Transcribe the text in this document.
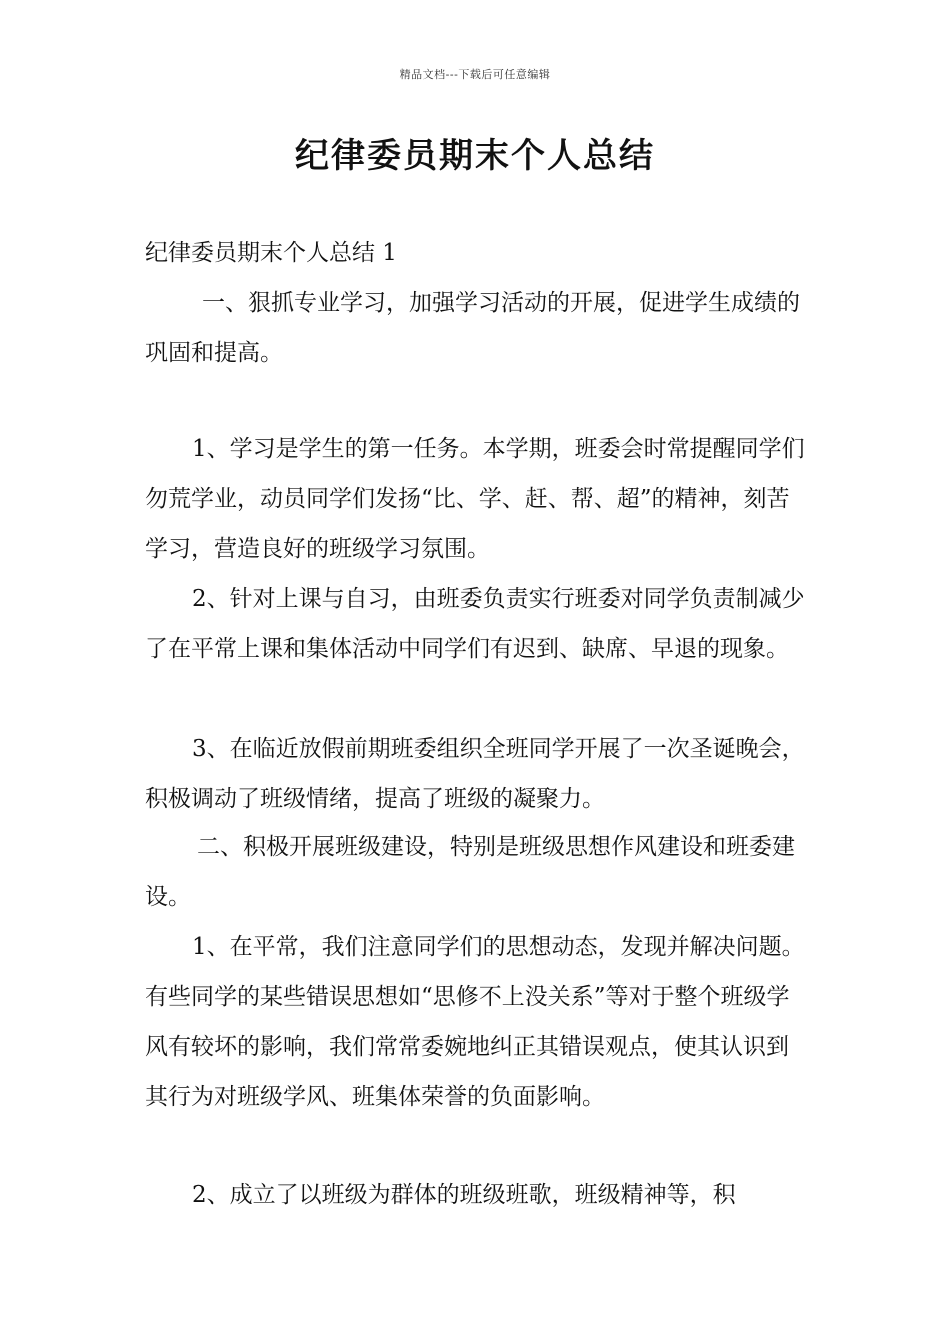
精品文档---下载后可任意编辑
纪律委员期末个人总结

纪律委员期末个人总结 1

一、狠抓专业学习，加强学习活动的开展，促进学生成绩的巩固和提高。

1、学习是学生的第一任务。本学期，班委会时常提醒同学们勿荒学业，动员同学们发扬“比、学、赶、帮、超”的精神，刻苦学习，营造良好的班级学习氛围。

2、针对上课与自习，由班委负责实行班委对同学负责制减少了在平常上课和集体活动中同学们有迟到、缺席、早退的现象。

3、在临近放假前期班委组织全班同学开展了一次圣诞晚会，积极调动了班级情绪，提高了班级的凝聚力。

二、积极开展班级建设，特别是班级思想作风建设和班委建设。

1、在平常，我们注意同学们的思想动态，发现并解决问题。有些同学的某些错误思想如“思修不上没关系”等对于整个班级学风有较坏的影响，我们常常委婉地纠正其错误观点，使其认识到其行为对班级学风、班集体荣誉的负面影响。

2、成立了以班级为群体的班级班歌，班级精神等，积
